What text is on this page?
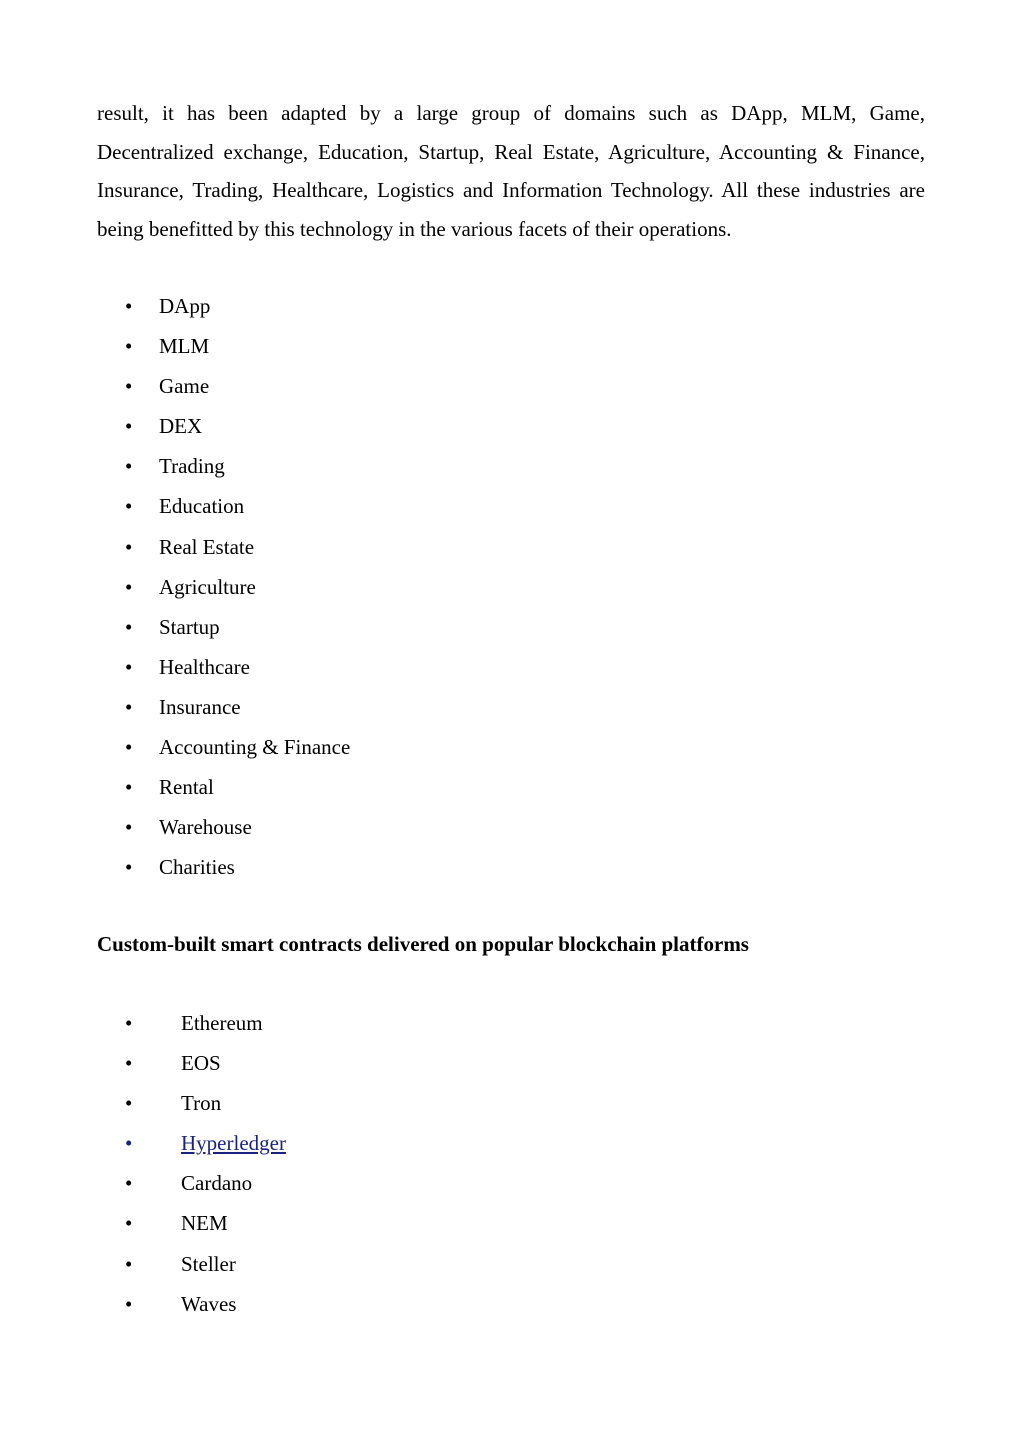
result, it has been adapted by a large group of domains such as DApp, MLM, Game, Decentralized exchange, Education, Startup, Real Estate, Agriculture, Accounting & Finance, Insurance, Trading, Healthcare, Logistics and Information Technology. All these industries are being benefitted by this technology in the various facets of their operations.

• DApp
• MLM
• Game
• DEX
• Trading
• Education
• Real Estate
• Agriculture
• Startup
• Healthcare
• Insurance
• Accounting & Finance
• Rental
• Warehouse
• Charities
Custom-built smart contracts delivered on popular blockchain platforms
• Ethereum
• EOS
• Tron
• Hyperledger
• Cardano
• NEM
• Steller
• Waves
